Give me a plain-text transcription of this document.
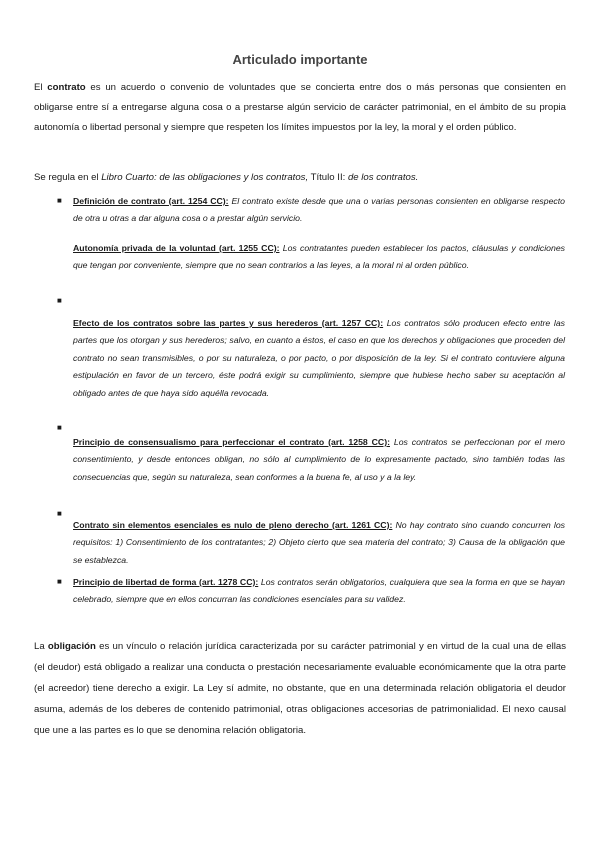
Articulado importante

El contrato es un acuerdo o convenio de voluntades que se concierta entre dos o más personas que consienten en obligarse entre sí a entregarse alguna cosa o a prestarse algún servicio de carácter patrimonial, en el ámbito de su propia autonomía o libertad personal y siempre que respeten los límites impuestos por la ley, la moral y el orden público.

Se regula en el Libro Cuarto: de las obligaciones y los contratos, Título II: de los contratos.
■
■
■
■
■
Definición de contrato (art. 1254 CC): El contrato existe desde que una o varias personas consienten en obligarse respecto de otra u otras a dar alguna cosa o a prestar algún servicio.
Autonomía privada de la voluntad (art. 1255 CC): Los contratantes pueden establecer los pactos, cláusulas y condiciones que tengan por conveniente, siempre que no sean contrarios a las leyes, a la moral ni al orden público.
Efecto de los contratos sobre las partes y sus herederos (art. 1257 CC): Los contratos sólo producen efecto entre las partes que los otorgan y sus herederos; salvo, en cuanto a éstos, el caso en que los derechos y obligaciones que proceden del contrato no sean transmisibles, o por su naturaleza, o por pacto, o por disposición de la ley. Si el contrato contuviere alguna estipulación en favor de un tercero, éste podrá exigir su cumplimiento, siempre que hubiese hecho saber su aceptación al obligado antes de que haya sido aquélla revocada.
Principio de consensualismo para perfeccionar el contrato (art. 1258 CC): Los contratos se perfeccionan por el mero consentimiento, y desde entonces obligan, no sólo al cumplimiento de lo expresamente pactado, sino también todas las consecuencias que, según su naturaleza, sean conformes a la buena fe, al uso y a la ley.
Contrato sin elementos esenciales es nulo de pleno derecho (art. 1261 CC): No hay contrato sino cuando concurren los requisitos: 1) Consentimiento de los contratantes; 2) Objeto cierto que sea materia del contrato; 3) Causa de la obligación que se establezca.
Principio de libertad de forma (art. 1278 CC): Los contratos serán obligatorios, cualquiera que sea la forma en que se hayan celebrado, siempre que en ellos concurran las condiciones esenciales para su validez.

La obligación es un vínculo o relación jurídica caracterizada por su carácter patrimonial y en virtud de la cual una de ellas (el deudor) está obligado a realizar una conducta o prestación necesariamente evaluable económicamente que la otra parte (el acreedor) tiene derecho a exigir. La Ley sí admite, no obstante, que en una determinada relación obligatoria el deudor asuma, además de los deberes de contenido patrimonial, otras obligaciones accesorias de patrimonialidad. El nexo causal que une a las partes es lo que se denomina relación obligatoria.
